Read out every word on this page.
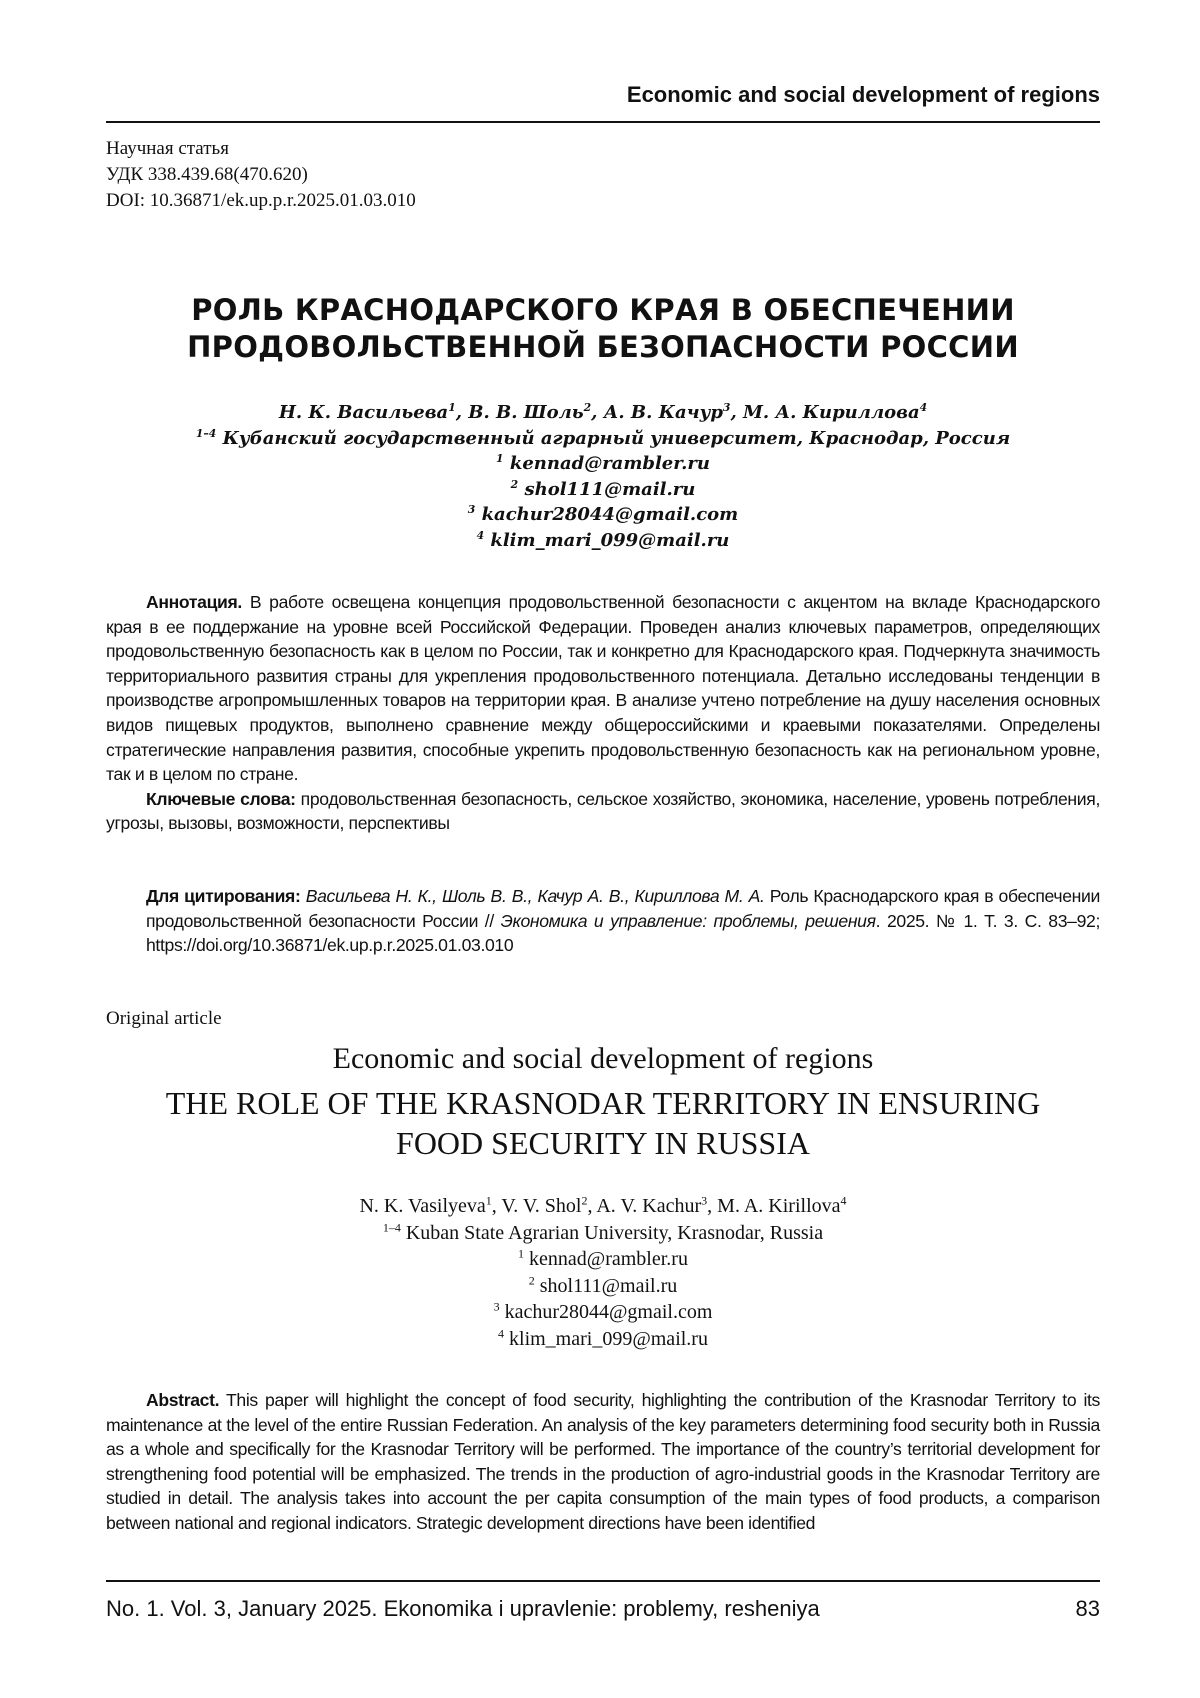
Economic and social development of regions
Научная статья
УДК 338.439.68(470.620)
DOI: 10.36871/ek.up.p.r.2025.01.03.010
РОЛЬ КРАСНОДАРСКОГО КРАЯ В ОБЕСПЕЧЕНИИ
ПРОДОВОЛЬСТВЕННОЙ БЕЗОПАСНОСТИ РОССИИ
Н. К. Васильева1, В. В. Шоль2, А. В. Качур3, М. А. Кириллова4
1–4 Кубанский государственный аграрный университет, Краснодар, Россия
1 kennad@rambler.ru
2 shol111@mail.ru
3 kachur28044@gmail.com
4 klim_mari_099@mail.ru

Аннотация. В работе освещена концепция продовольственной безопасности с акцентом на вкладе Краснодарского края в ее поддержание на уровне всей Российской Федерации. Проведен анализ ключевых параметров, определяющих продовольственную безопасность как в целом по России, так и конкретно для Краснодарского края. Подчеркнута значимость территориального развития страны для укрепления продовольственного потенциала. Детально исследованы тенденции в производстве агропромышленных товаров на территории края. В анализе учтено потребление на душу населения основных видов пищевых продуктов, выполнено сравнение между общероссийскими и краевыми показателями. Определены стратегические направления развития, способные укрепить продовольственную безопасность как на региональном уровне, так и в целом по стране.

Ключевые слова: продовольственная безопасность, сельское хозяйство, экономика, население, уровень потребления, угрозы, вызовы, возможности, перспективы

Для цитирования: Васильева Н. К., Шоль В. В., Качур А. В., Кириллова М. А. Роль Краснодарского края в обеспечении продовольственной безопасности России // Экономика и управление: проблемы, решения. 2025. № 1. Т. 3. С. 83–92; https://doi.org/10.36871/ek.up.p.r.2025.01.03.010

Original article
Economic and social development of regions
THE ROLE OF THE KRASNODAR TERRITORY IN ENSURING
FOOD SECURITY IN RUSSIA
N. K. Vasilyeva1, V. V. Shol2, A. V. Kachur3, M. A. Kirillova4
1–4 Kuban State Agrarian University, Krasnodar, Russia
1 kennad@rambler.ru
2 shol111@mail.ru
3 kachur28044@gmail.com
4 klim_mari_099@mail.ru

Abstract. This paper will highlight the concept of food security, highlighting the contribution of the Krasnodar Territory to its maintenance at the level of the entire Russian Federation. An analysis of the key parameters determining food security both in Russia as a whole and specifically for the Krasnodar Territory will be performed. The importance of the country’s territorial development for strengthening food potential will be emphasized. The trends in the production of agro-industrial goods in the Krasnodar Territory are studied in detail. The analysis takes into account the per capita consumption of the main types of food products, a comparison between national and regional indicators. Strategic development directions have been identified

No. 1. Vol. 3, January 2025. Ekonomika i upravlenie: problemy, resheniya	83
